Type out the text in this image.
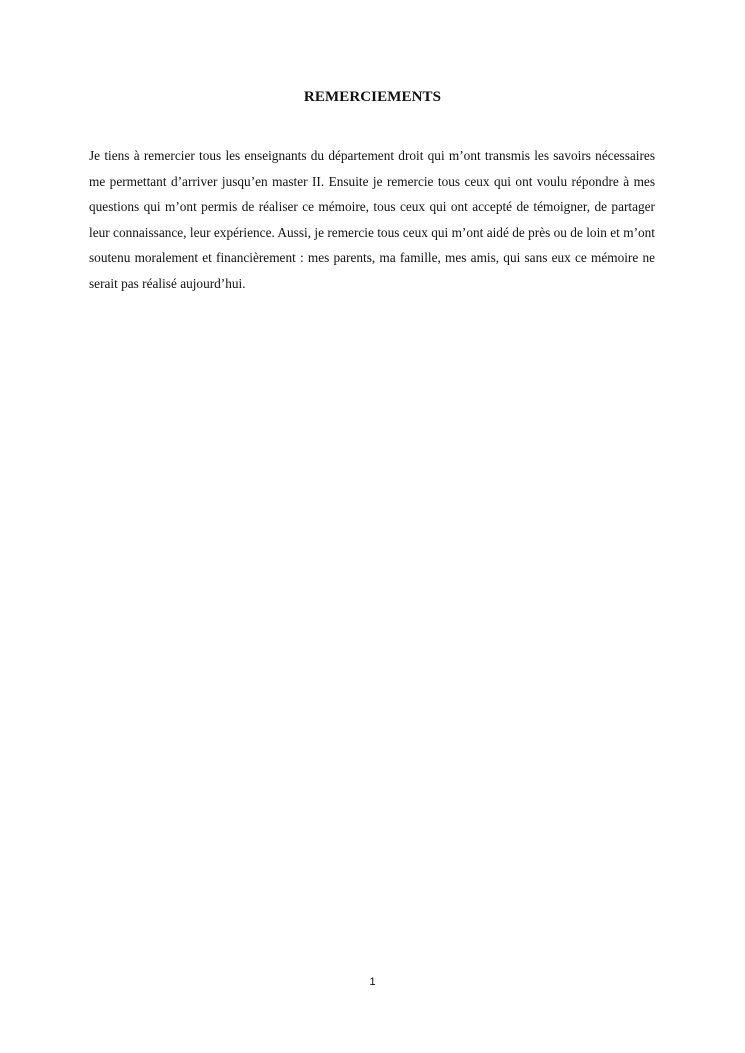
REMERCIEMENTS

Je tiens à remercier tous les enseignants du département droit qui m’ont transmis les savoirs nécessaires me permettant d’arriver jusqu’en master II. Ensuite je remercie tous ceux qui ont voulu répondre à mes questions qui m’ont permis de réaliser ce mémoire, tous ceux qui ont accepté de témoigner, de partager leur connaissance, leur expérience. Aussi, je remercie tous ceux qui m’ont aidé de près ou de loin et m’ont soutenu moralement et financièrement : mes parents, ma famille, mes amis, qui sans eux ce mémoire ne serait pas réalisé aujourd’hui.

1
